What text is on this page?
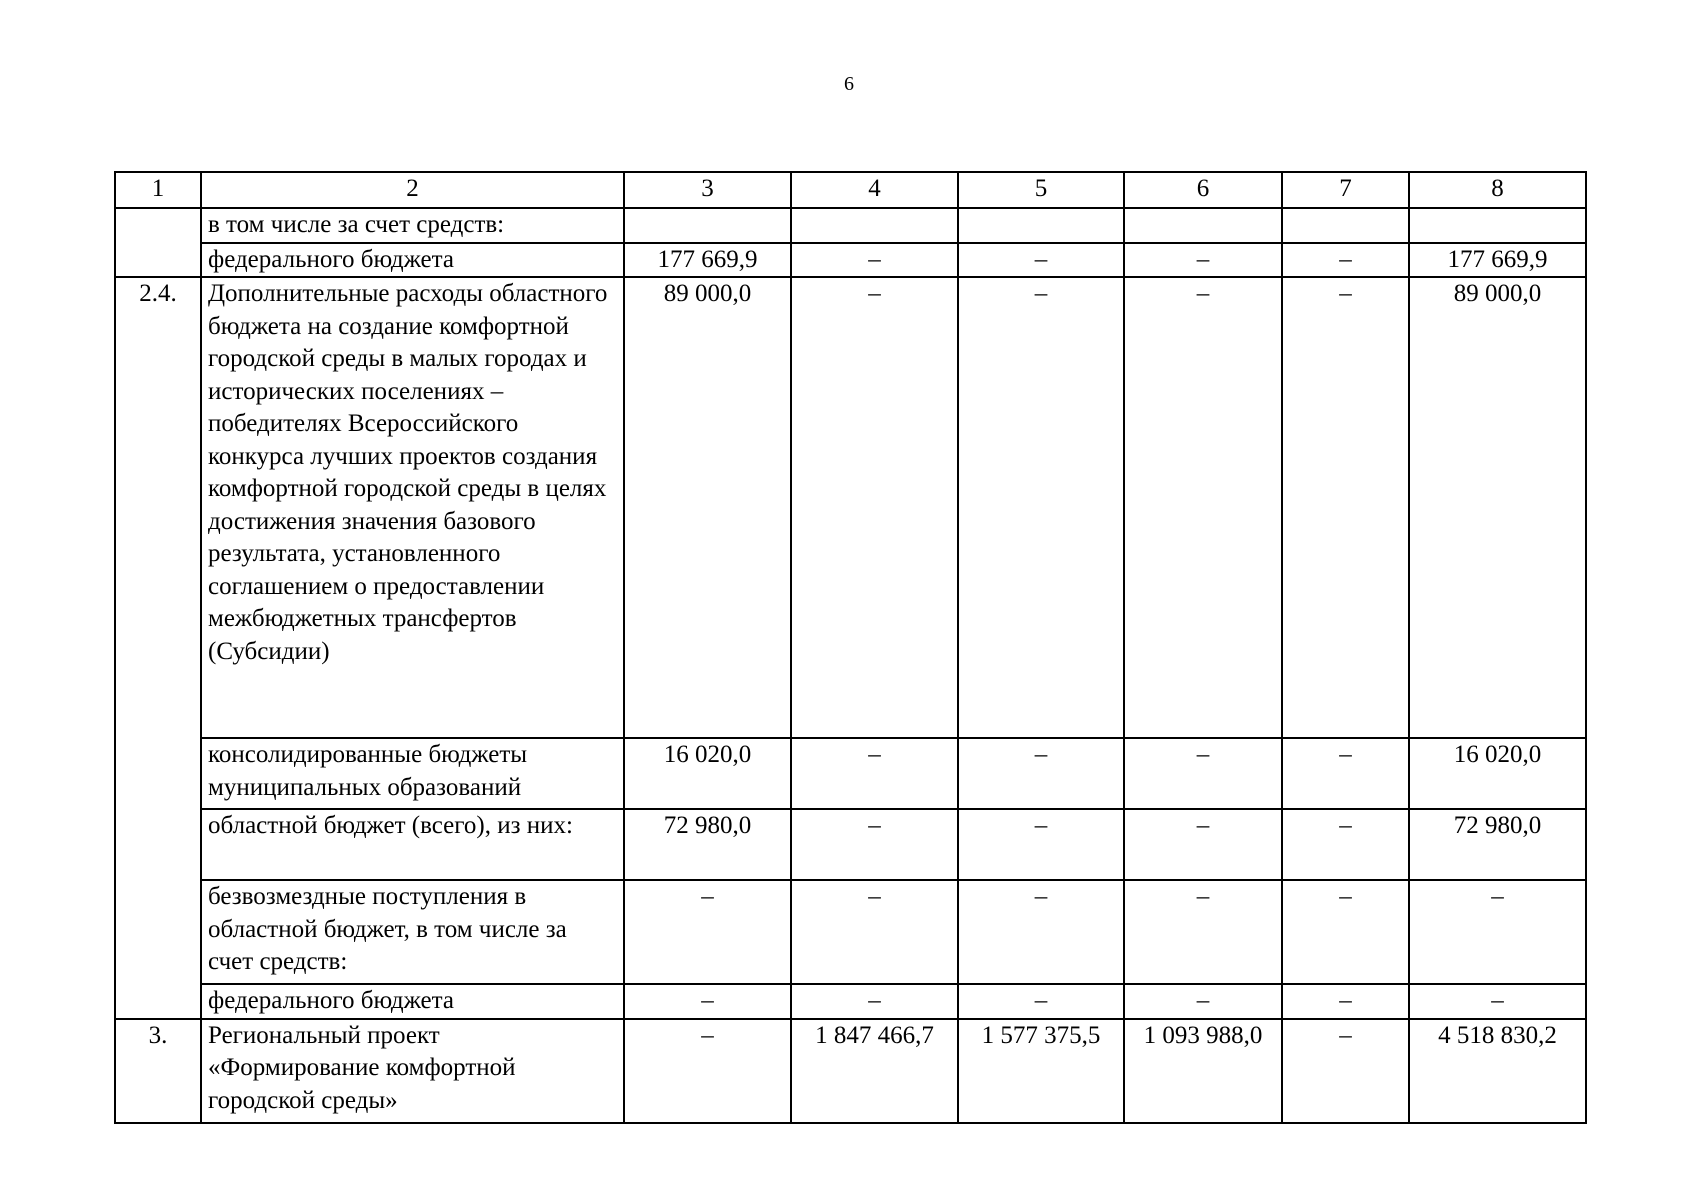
6
1	2	3	4	5	6	7	8
	в том числе за счет средств:						
	федерального бюджета	177 669,9	–	–	–	–	177 669,9
2.4.	Дополнительные расходы областного бюджета на создание комфортной городской среды в малых городах и исторических поселениях – победителях Всероссийского конкурса лучших проектов создания комфортной городской среды в целях достижения значения базового результата, установленного соглашением о предоставлении межбюджетных трансфертов (Субсидии)	89 000,0	–	–	–	–	89 000,0
	консолидированные бюджеты муниципальных образований	16 020,0	–	–	–	–	16 020,0
	областной бюджет (всего), из них:	72 980,0	–	–	–	–	72 980,0
	безвозмездные поступления в областной бюджет, в том числе за счет средств:	–	–	–	–	–	–
	федерального бюджета	–	–	–	–	–	–
3.	Региональный проект «Формирование комфортной городской среды»	–	1 847 466,7	1 577 375,5	1 093 988,0	–	4 518 830,2
